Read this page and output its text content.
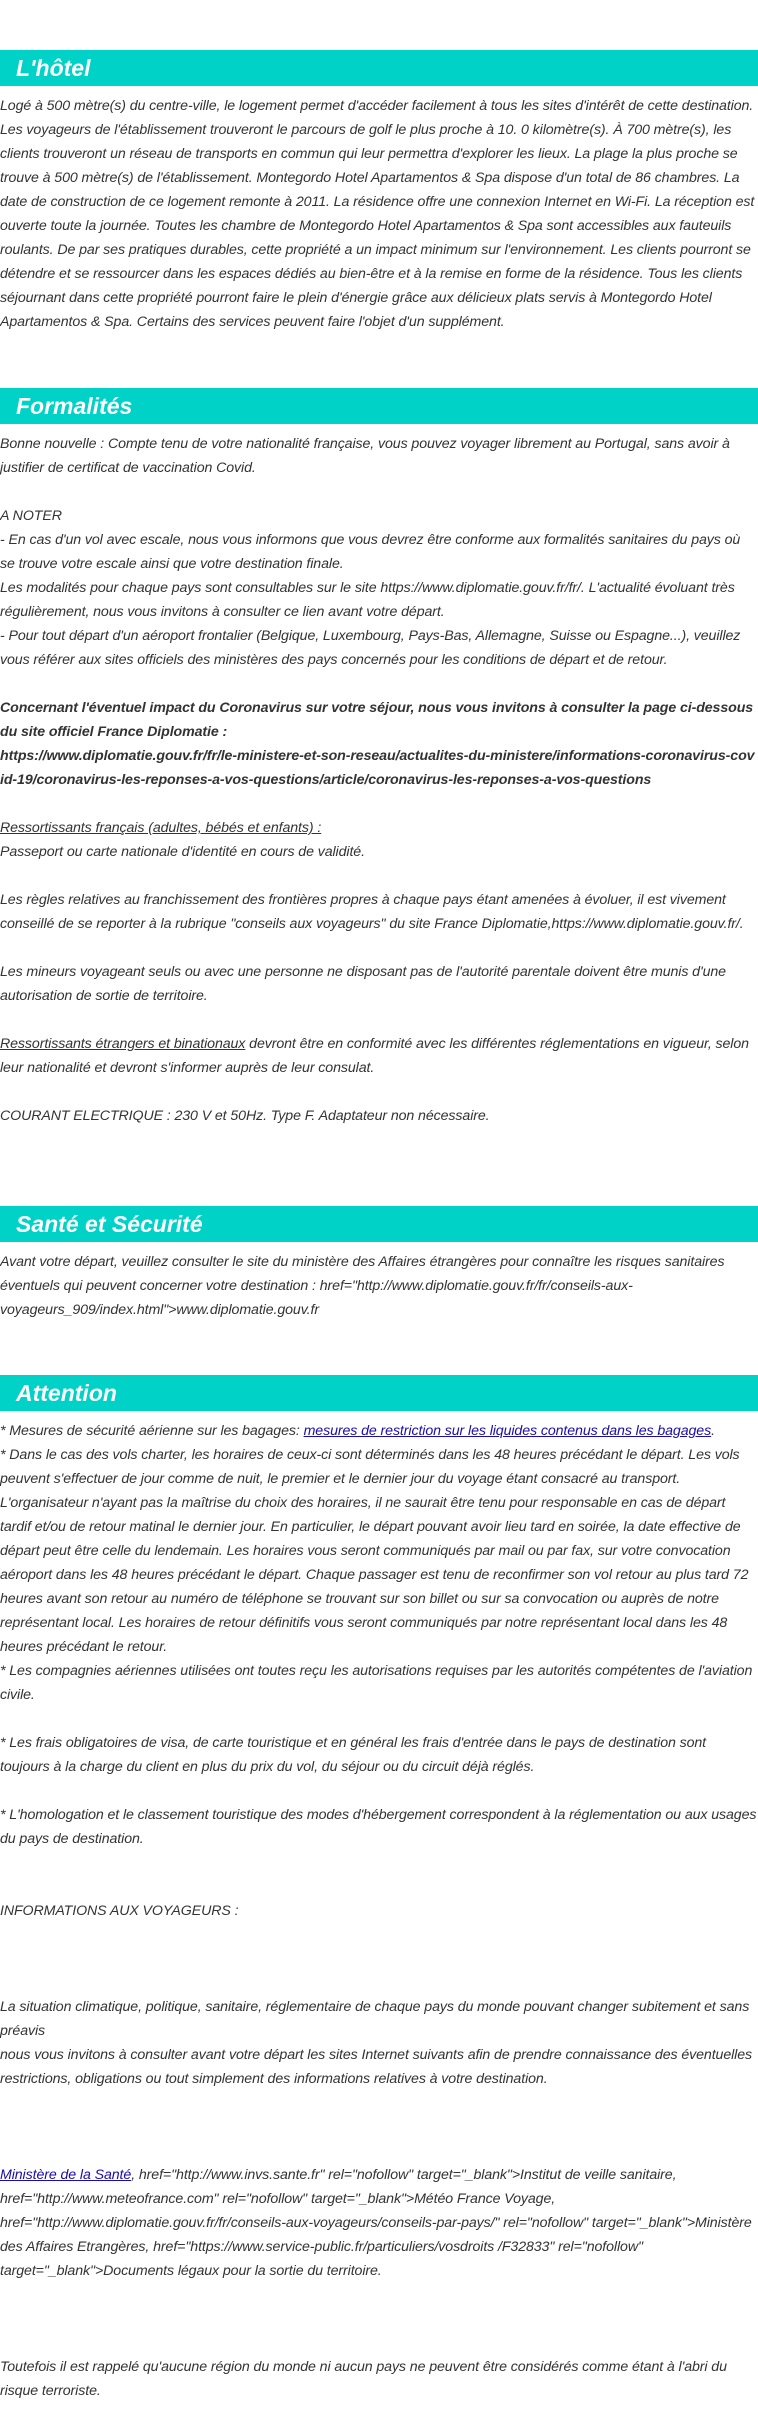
L'hôtel

Logé à 500 mètre(s) du centre-ville, le logement permet d'accéder facilement à tous les sites d'intérêt de cette destination. Les voyageurs de l'établissement trouveront le parcours de golf le plus proche à 10. 0 kilomètre(s). À 700 mètre(s), les clients trouveront un réseau de transports en commun qui leur permettra d'explorer les lieux. La plage la plus proche se trouve à 500 mètre(s) de l'établissement. Montegordo Hotel Apartamentos & Spa dispose d'un total de 86 chambres. La date de construction de ce logement remonte à 2011. La résidence offre une connexion Internet en Wi-Fi. La réception est ouverte toute la journée. Toutes les chambre de Montegordo Hotel Apartamentos & Spa sont accessibles aux fauteuils roulants. De par ses pratiques durables, cette propriété a un impact minimum sur l'environnement. Les clients pourront se détendre et se ressourcer dans les espaces dédiés au bien-être et à la remise en forme de la résidence. Tous les clients séjournant dans cette propriété pourront faire le plein d'énergie grâce aux délicieux plats servis à Montegordo Hotel Apartamentos & Spa. Certains des services peuvent faire l'objet d'un supplément.

Formalités

Bonne nouvelle : Compte tenu de votre nationalité française, vous pouvez voyager librement au Portugal, sans avoir à justifier de certificat de vaccination Covid.

A NOTER

- En cas d'un vol avec escale, nous vous informons que vous devrez être conforme aux formalités sanitaires du pays où se trouve votre escale ainsi que votre destination finale.

Les modalités pour chaque pays sont consultables sur le site https://www.diplomatie.gouv.fr/fr/. L'actualité évoluant très régulièrement, nous vous invitons à consulter ce lien avant votre départ.

- Pour tout départ d'un aéroport frontalier (Belgique, Luxembourg, Pays-Bas, Allemagne, Suisse ou Espagne...), veuillez vous référer aux sites officiels des ministères des pays concernés pour les conditions de départ et de retour.

Concernant l'éventuel impact du Coronavirus sur votre séjour, nous vous invitons à consulter la page ci-dessous du site officiel France Diplomatie :

https://www.diplomatie.gouv.fr/fr/le-ministere-et-son-reseau/actualites-du-ministere/informations-coronavirus-covid-19/coronavirus-les-reponses-a-vos-questions/article/coronavirus-les-reponses-a-vos-questions

Ressortissants français (adultes, bébés et enfants) :

Passeport ou carte nationale d'identité en cours de validité.

Les règles relatives au franchissement des frontières propres à chaque pays étant amenées à évoluer, il est vivement conseillé de se reporter à la rubrique "conseils aux voyageurs" du site France Diplomatie,https://www.diplomatie.gouv.fr/.

Les mineurs voyageant seuls ou avec une personne ne disposant pas de l'autorité parentale doivent être munis d'une autorisation de sortie de territoire.

Ressortissants étrangers et binationaux devront être en conformité avec les différentes réglementations en vigueur, selon leur nationalité et devront s'informer auprès de leur consulat.

COURANT ELECTRIQUE : 230 V et 50Hz. Type F. Adaptateur non nécessaire.

Santé et Sécurité

Avant votre départ, veuillez consulter le site du ministère des Affaires étrangères pour connaître les risques sanitaires éventuels qui peuvent concerner votre destination : href="http://www.diplomatie.gouv.fr/fr/conseils-aux-voyageurs_909/index.html">www.diplomatie.gouv.fr

Attention

* Mesures de sécurité aérienne sur les bagages: mesures de restriction sur les liquides contenus dans les bagages.

* Dans le cas des vols charter, les horaires de ceux-ci sont déterminés dans les 48 heures précédant le départ. Les vols peuvent s'effectuer de jour comme de nuit, le premier et le dernier jour du voyage étant consacré au transport. L'organisateur n'ayant pas la maîtrise du choix des horaires, il ne saurait être tenu pour responsable en cas de départ tardif et/ou de retour matinal le dernier jour. En particulier, le départ pouvant avoir lieu tard en soirée, la date effective de départ peut être celle du lendemain. Les horaires vous seront communiqués par mail ou par fax, sur votre convocation aéroport dans les 48 heures précédant le départ. Chaque passager est tenu de reconfirmer son vol retour au plus tard 72 heures avant son retour au numéro de téléphone se trouvant sur son billet ou sur sa convocation ou auprès de notre représentant local. Les horaires de retour définitifs vous seront communiqués par notre représentant local dans les 48 heures précédant le retour.

* Les compagnies aériennes utilisées ont toutes reçu les autorisations requises par les autorités compétentes de l'aviation civile.

* Les frais obligatoires de visa, de carte touristique et en général les frais d'entrée dans le pays de destination sont toujours à la charge du client en plus du prix du vol, du séjour ou du circuit déjà réglés.

* L'homologation et le classement touristique des modes d'hébergement correspondent à la réglementation ou aux usages du pays de destination.

INFORMATIONS AUX VOYAGEURS :

La situation climatique, politique, sanitaire, réglementaire de chaque pays du monde pouvant changer subitement et sans préavis

nous vous invitons à consulter avant votre départ les sites Internet suivants afin de prendre connaissance des éventuelles restrictions, obligations ou tout simplement des informations relatives à votre destination.

Ministère de la Santé, href="http://www.invs.sante.fr" rel="nofollow" target="_blank">Institut de veille sanitaire, href="http://www.meteofrance.com" rel="nofollow" target="_blank">Météo France Voyage, href="http://www.diplomatie.gouv.fr/fr/conseils-aux-voyageurs/conseils-par-pays/" rel="nofollow" target="_blank">Ministère des Affaires Etrangères, href="https://www.service-public.fr/particuliers/vosdroits /F32833" rel="nofollow" target="_blank">Documents légaux pour la sortie du territoire.

Toutefois il est rappelé qu'aucune région du monde ni aucun pays ne peuvent être considérés comme étant à l'abri du risque terroriste.
